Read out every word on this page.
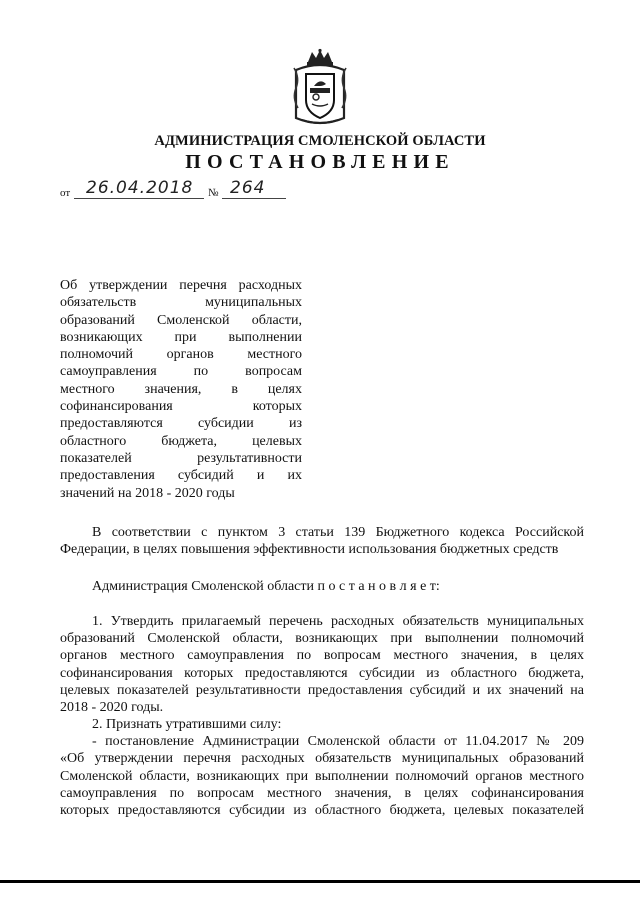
АДМИНИСТРАЦИЯ СМОЛЕНСКОЙ ОБЛАСТИ
ПОСТАНОВЛЕНИЕ
от 26.04.2018 № 264
Об утверждении перечня расходных
обязательств муниципальных
образований Смоленской области,
возникающих при выполнении
полномочий органов местного
самоуправления по вопросам
местного значения, в целях
софинансирования которых
предоставляются субсидии из
областного бюджета, целевых
показателей результативности
предоставления субсидий и их
значений на 2018 - 2020 годы
В соответствии с пунктом 3 статьи 139 Бюджетного кодекса Российской
Федерации, в целях повышения эффективности использования бюджетных средств
Администрация Смоленской области п о с т а н о в л я е т:
1. Утвердить прилагаемый перечень расходных обязательств муниципальных
образований Смоленской области, возникающих при выполнении полномочий
органов местного самоуправления по вопросам местного значения, в целях
софинансирования которых предоставляются субсидии из областного бюджета,
целевых показателей результативности предоставления субсидий и их значений на
2018 - 2020 годы.
2. Признать утратившими силу:
- постановление Администрации Смоленской области от 11.04.2017 № 209
«Об утверждении перечня расходных обязательств муниципальных образований
Смоленской области, возникающих при выполнении полномочий органов местного
самоуправления по вопросам местного значения, в целях софинансирования
которых предоставляются субсидии из областного бюджета, целевых показателей
